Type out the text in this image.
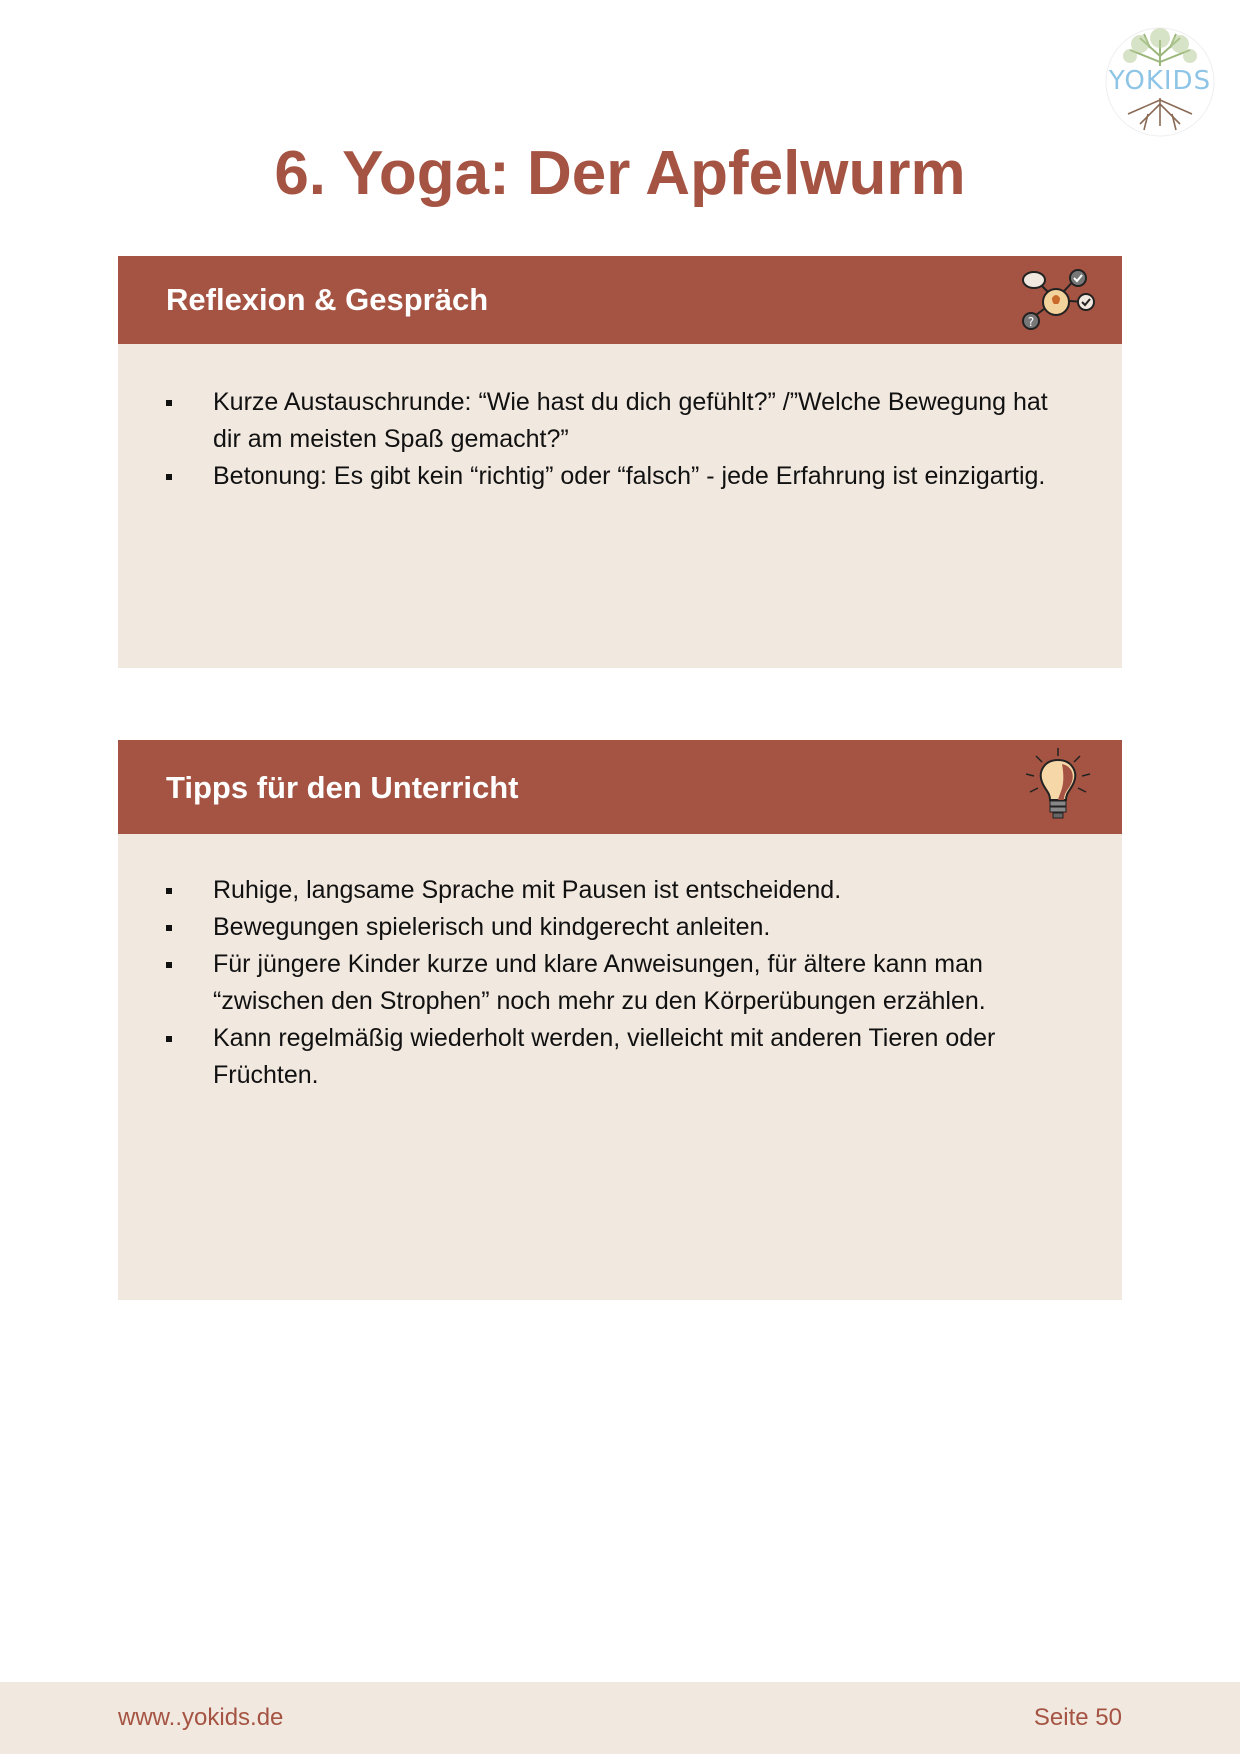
YOKIDS
6. Yoga: Der Apfelwurm
Reflexion & Gespräch
?
Kurze Austauschrunde: “Wie hast du dich gefühlt?” /”Welche Bewegung hat dir am meisten Spaß gemacht?”
Betonung: Es gibt kein “richtig” oder “falsch” - jede Erfahrung ist einzigartig.
Tipps für den Unterricht
Ruhige, langsame Sprache mit Pausen ist entscheidend.
Bewegungen spielerisch und kindgerecht anleiten.
Für jüngere Kinder kurze und klare Anweisungen, für ältere kann man “zwischen den Strophen” noch mehr zu den Körperübungen erzählen.
Kann regelmäßig wiederholt werden, vielleicht mit anderen Tieren oder Früchten.
www..yokids.de	Seite 50
